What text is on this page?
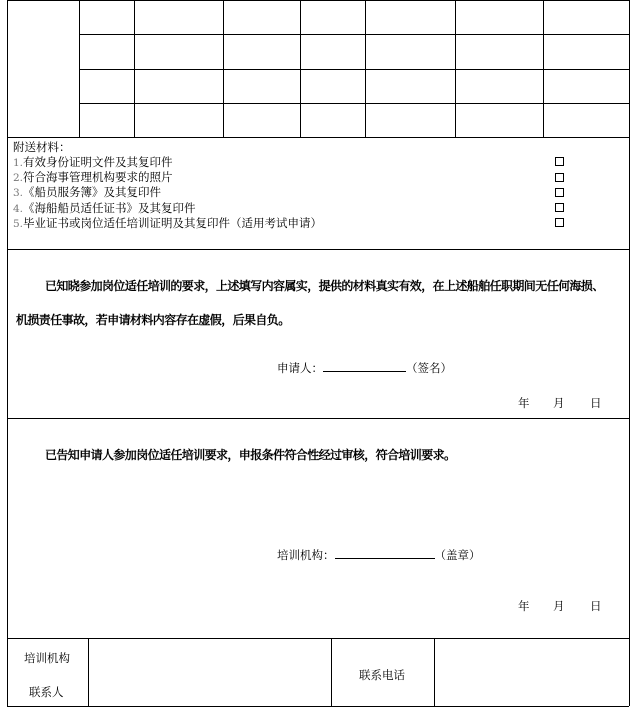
附送材料：
1.有效身份证明文件及其复印件
2.符合海事管理机构要求的照片
3.《船员服务簿》及其复印件
4.《海船船员适任证书》及其复印件
5.毕业证书或岗位适任培训证明及其复印件（适用考试申请）
已知晓参加岗位适任培训的要求，上述填写内容属实，提供的材料真实有效，在上述船舶任职期间无任何海损、
机损责任事故，若申请材料内容存在虚假，后果自负。
申请人：	（签名）
年 月 日
已告知申请人参加岗位适任培训要求，申报条件符合性经过审核，符合培训要求。
培训机构：	（盖章）
年 月 日
培训机构
联系人
联系电话
